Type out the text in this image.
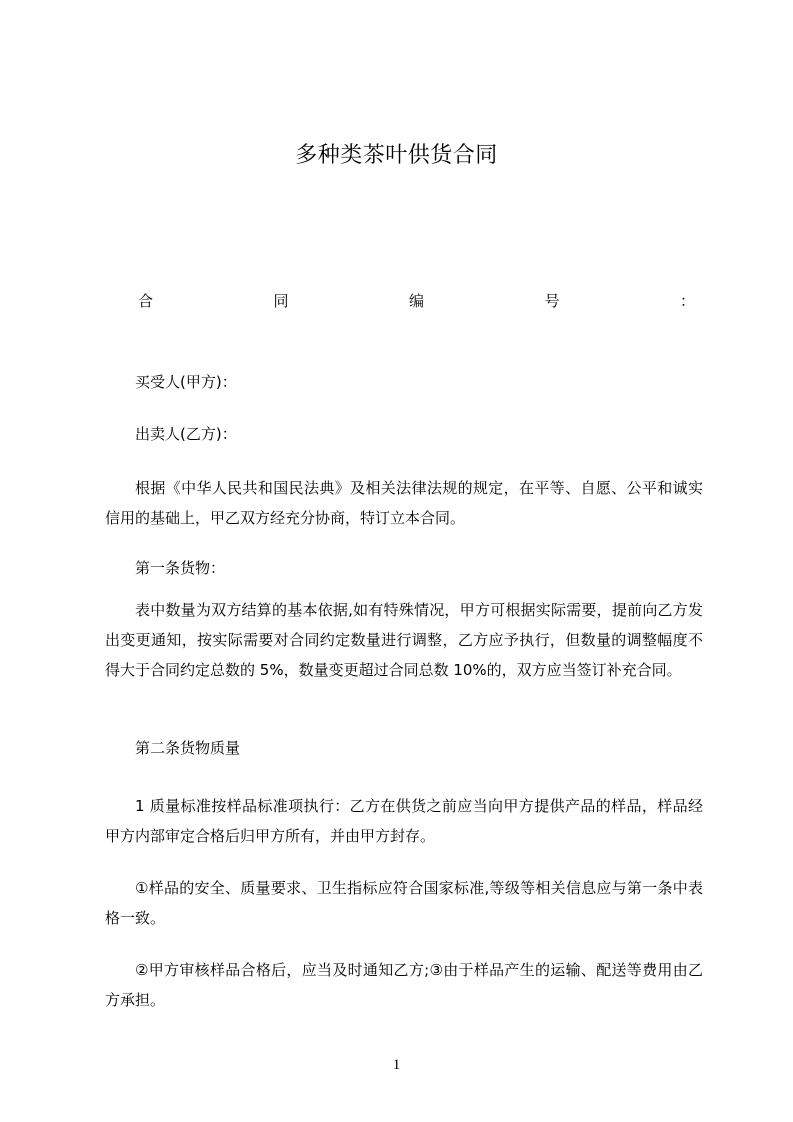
多种类茶叶供货合同
合	同	编	号	：

买受人(甲方)：

出卖人(乙方)：

根据《中华人民共和国民法典》及相关法律法规的规定，在平等、自愿、公平和诚实信用的基础上，甲乙双方经充分协商，特订立本合同。

第一条货物：

表中数量为双方结算的基本依据,如有特殊情况，甲方可根据实际需要，提前向乙方发出变更通知，按实际需要对合同约定数量进行调整，乙方应予执行，但数量的调整幅度不得大于合同约定总数的 5%，数量变更超过合同总数 10%的，双方应当签订补充合同。

第二条货物质量

1 质量标准按样品标准项执行：乙方在供货之前应当向甲方提供产品的样品，样品经甲方内部审定合格后归甲方所有，并由甲方封存。

①样品的安全、质量要求、卫生指标应符合国家标准,等级等相关信息应与第一条中表格一致。

②甲方审核样品合格后，应当及时通知乙方;③由于样品产生的运输、配送等费用由乙方承担。

1
